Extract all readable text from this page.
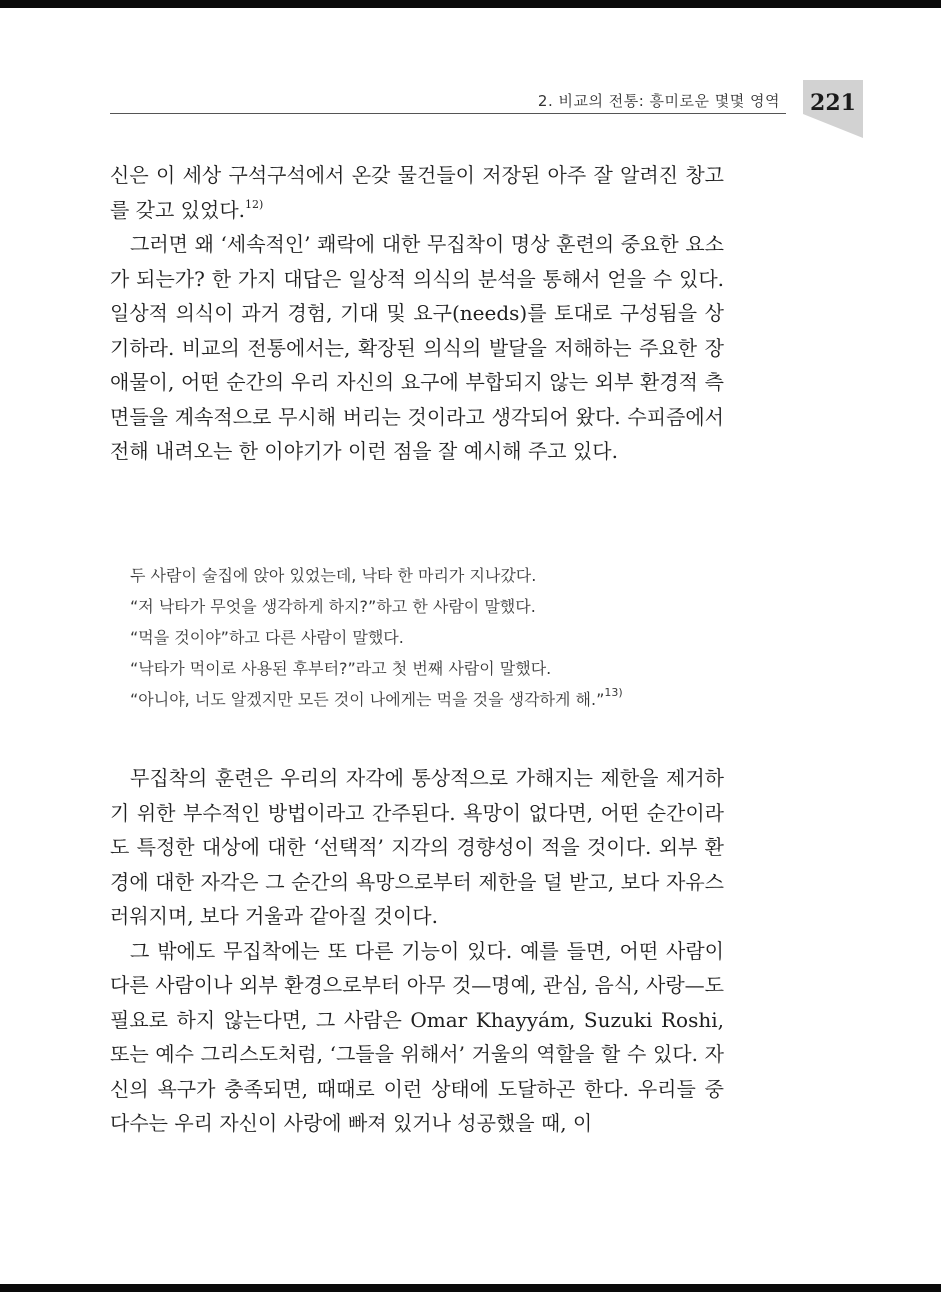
2. 비교의 전통: 흥미로운 몇몇 영역	221

신은 이 세상 구석구석에서 온갖 물건들이 저장된 아주 잘 알려진 창고를 갖고 있었다.$^{12)}$

그러면 왜 ‘세속적인’ 쾌락에 대한 무집착이 명상 훈련의 중요한 요소가 되는가? 한 가지 대답은 일상적 의식의 분석을 통해서 얻을 수 있다. 일상적 의식이 과거 경험, 기대 및 요구(needs)를 토대로 구성됨을 상기하라. 비교의 전통에서는, 확장된 의식의 발달을 저해하는 주요한 장애물이, 어떤 순간의 우리 자신의 요구에 부합되지 않는 외부 환경적 측면들을 계속적으로 무시해 버리는 것이라고 생각되어 왔다. 수피즘에서 전해 내려오는 한 이야기가 이런 점을 잘 예시해 주고 있다.

두 사람이 술집에 앉아 있었는데, 낙타 한 마리가 지나갔다.

“저 낙타가 무엇을 생각하게 하지?”하고 한 사람이 말했다.

“먹을 것이야”하고 다른 사람이 말했다.

“낙타가 먹이로 사용된 후부터?”라고 첫 번째 사람이 말했다.

“아니야, 너도 알겠지만 모든 것이 나에게는 먹을 것을 생각하게 해.”$^{13)}$

무집착의 훈련은 우리의 자각에 통상적으로 가해지는 제한을 제거하기 위한 부수적인 방법이라고 간주된다. 욕망이 없다면, 어떤 순간이라도 특정한 대상에 대한 ‘선택적’ 지각의 경향성이 적을 것이다. 외부 환경에 대한 자각은 그 순간의 욕망으로부터 제한을 덜 받고, 보다 자유스러워지며, 보다 거울과 같아질 것이다.

그 밖에도 무집착에는 또 다른 기능이 있다. 예를 들면, 어떤 사람이 다른 사람이나 외부 환경으로부터 아무 것—명예, 관심, 음식, 사랑—도 필요로 하지 않는다면, 그 사람은 Omar Khayyám, Suzuki Roshi, 또는 예수 그리스도처럼, ‘그들을 위해서’ 거울의 역할을 할 수 있다. 자신의 욕구가 충족되면, 때때로 이런 상태에 도달하곤 한다. 우리들 중 다수는 우리 자신이 사랑에 빠져 있거나 성공했을 때, 이
